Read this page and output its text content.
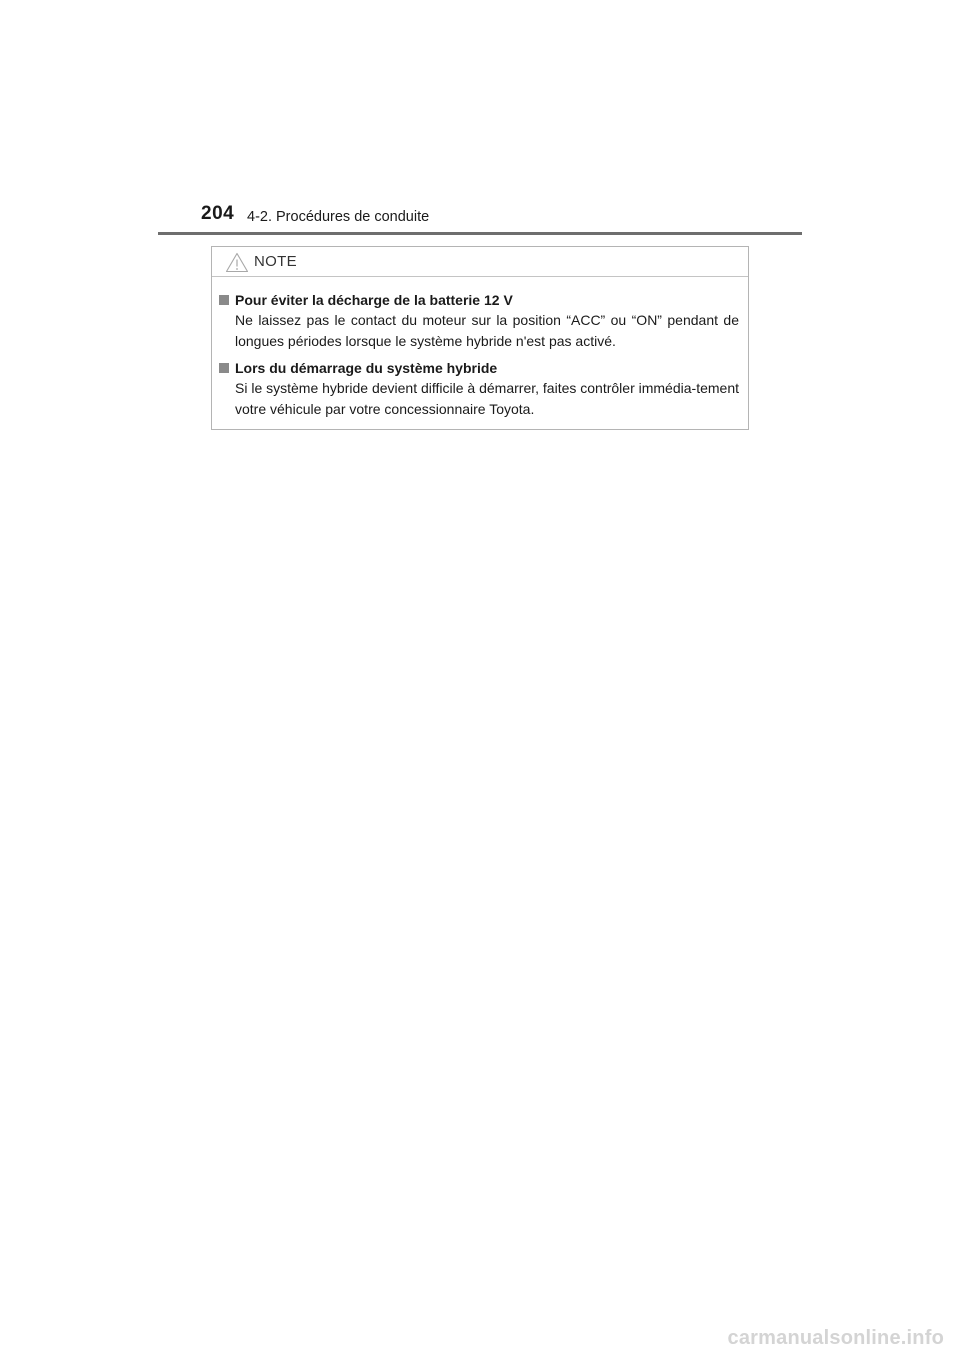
204 4-2. Procédures de conduite
NOTE
Pour éviter la décharge de la batterie 12 V
Ne laissez pas le contact du moteur sur la position “ACC” ou “ON” pendant de longues périodes lorsque le système hybride n'est pas activé.
Lors du démarrage du système hybride
Si le système hybride devient difficile à démarrer, faites contrôler immédia-tement votre véhicule par votre concessionnaire Toyota.
carmanualsonline.info
